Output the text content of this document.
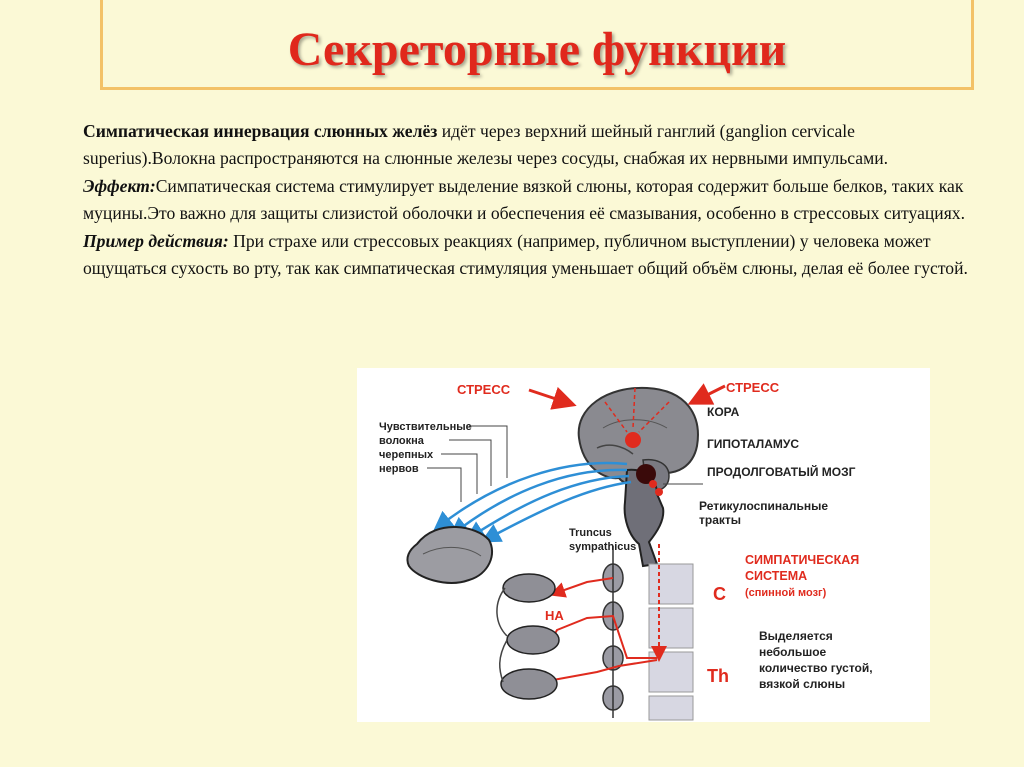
Секреторные функции

Симпатическая иннервация слюнных желёз идёт через верхний шейный ганглий (ganglion cervicale superius).Волокна распространяются на слюнные железы через сосуды, снабжая их нервными импульсами.

Эффект:Симпатическая система стимулирует выделение вязкой слюны, которая содержит больше белков, таких как муцины.Это важно для защиты слизистой оболочки и обеспечения её смазывания, особенно в стрессовых ситуациях.

Пример действия: При страхе или стрессовых реакциях (например, публичном выступлении) у человека может ощущаться сухость во рту, так как симпатическая стимуляция уменьшает общий объём слюны, делая её более густой.

СТРЕСС	СТРЕСС
КОРА
ГИПОТАЛАМУС
ПРОДОЛГОВАТЫЙ МОЗГ
Ретикулоспинальные
тракты
Чувствительные
волокна
черепных
нервов
C
Th
Truncus
sympathicus
НА
СИМПАТИЧЕСКАЯ
СИСТЕМА
(спинной мозг)
Выделяется
небольшое
количество густой,
вязкой слюны
